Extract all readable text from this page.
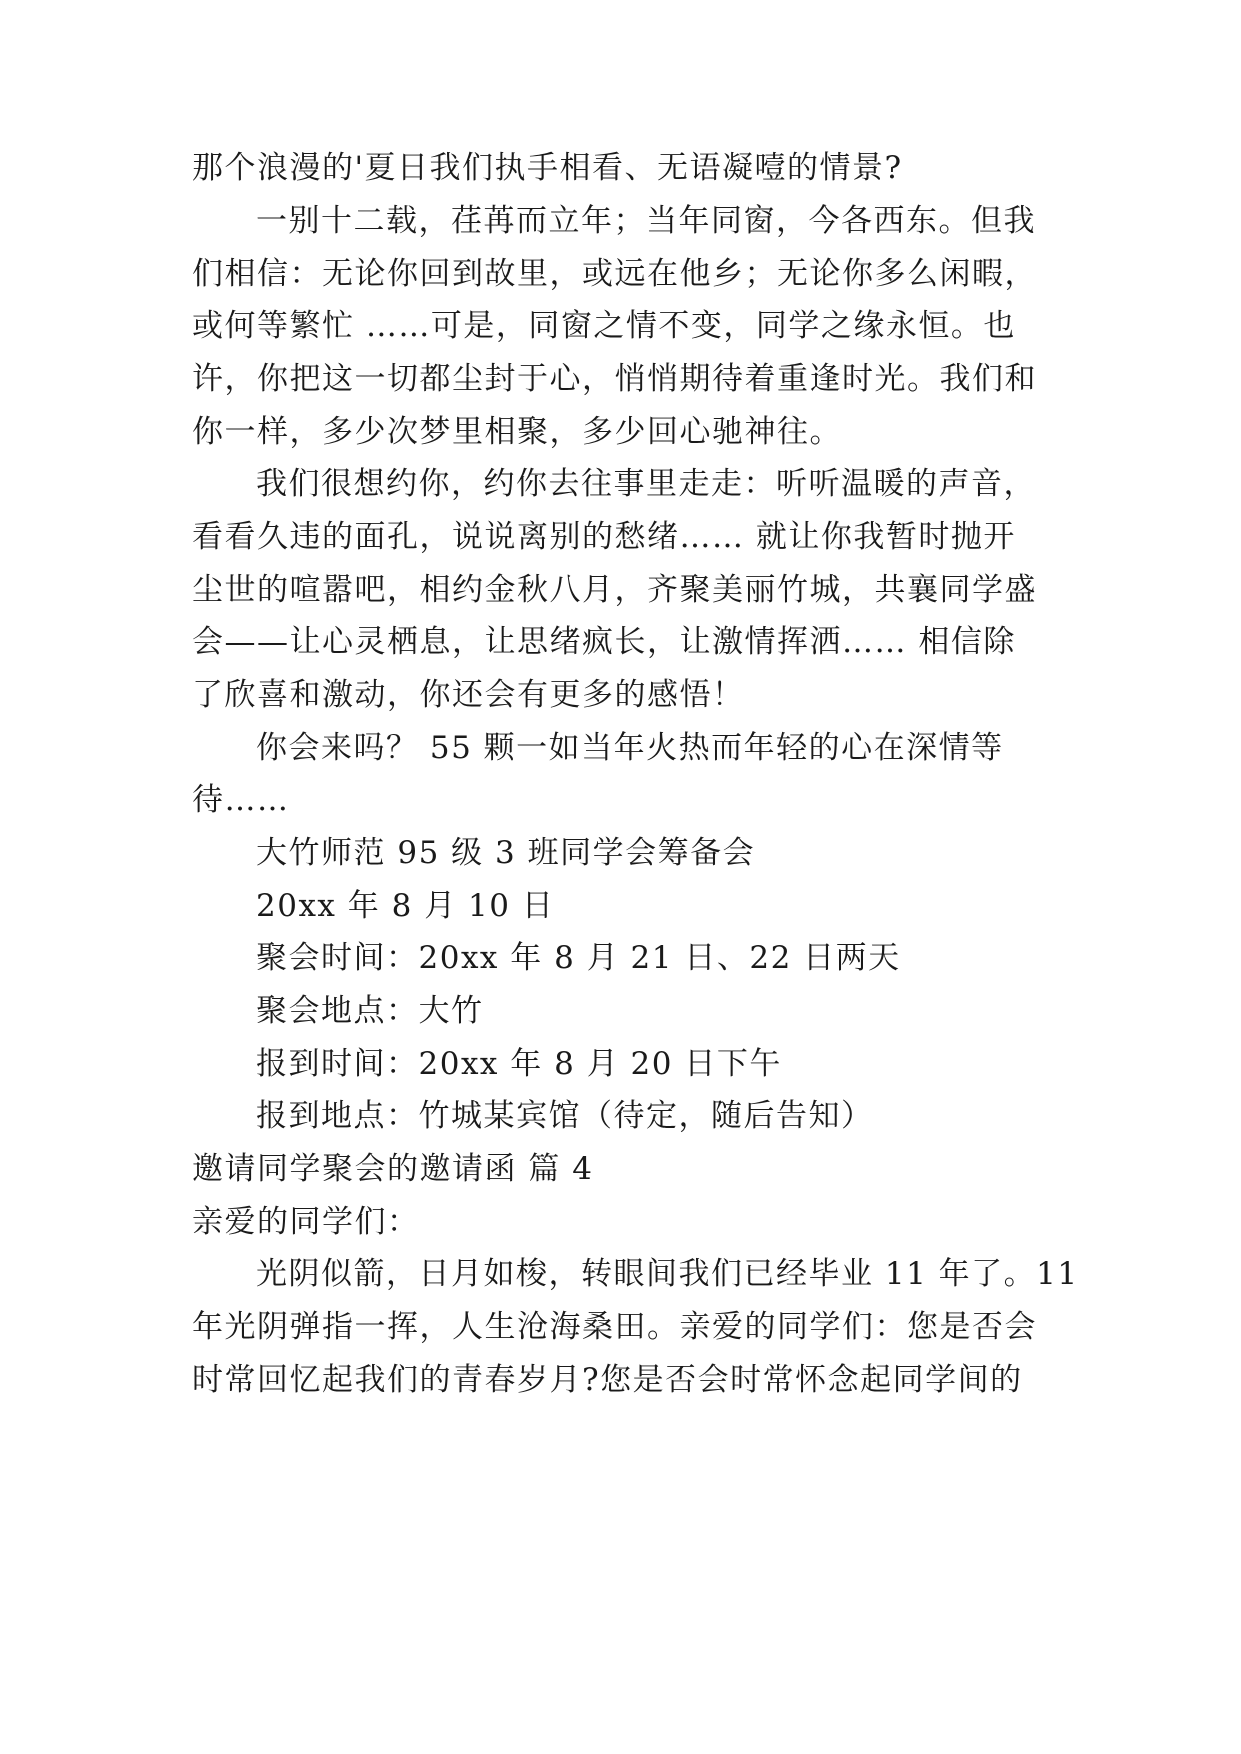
那个浪漫的'夏日我们执手相看、无语凝噎的情景?
一别十二载，荏苒而立年；当年同窗，今各西东。但我
们相信：无论你回到故里，或远在他乡；无论你多么闲暇，
或何等繁忙 ……可是，同窗之情不变，同学之缘永恒。也
许，你把这一切都尘封于心，悄悄期待着重逢时光。我们和
你一样，多少次梦里相聚，多少回心驰神往。
我们很想约你，约你去往事里走走：听听温暖的声音，
看看久违的面孔，说说离别的愁绪…… 就让你我暂时抛开
尘世的喧嚣吧，相约金秋八月，齐聚美丽竹城，共襄同学盛
会——让心灵栖息，让思绪疯长，让激情挥洒…… 相信除
了欣喜和激动，你还会有更多的感悟！
你会来吗？ 55 颗一如当年火热而年轻的心在深情等
待……
大竹师范 95 级 3 班同学会筹备会
20xx 年 8 月 10 日
聚会时间：20xx 年 8 月 21 日、22 日两天
聚会地点：大竹
报到时间：20xx 年 8 月 20 日下午
报到地点：竹城某宾馆（待定，随后告知）
邀请同学聚会的邀请函 篇 4
亲爱的同学们：
光阴似箭，日月如梭，转眼间我们已经毕业 11 年了。11
年光阴弹指一挥，人生沧海桑田。亲爱的同学们：您是否会
时常回忆起我们的青春岁月?您是否会时常怀念起同学间的
